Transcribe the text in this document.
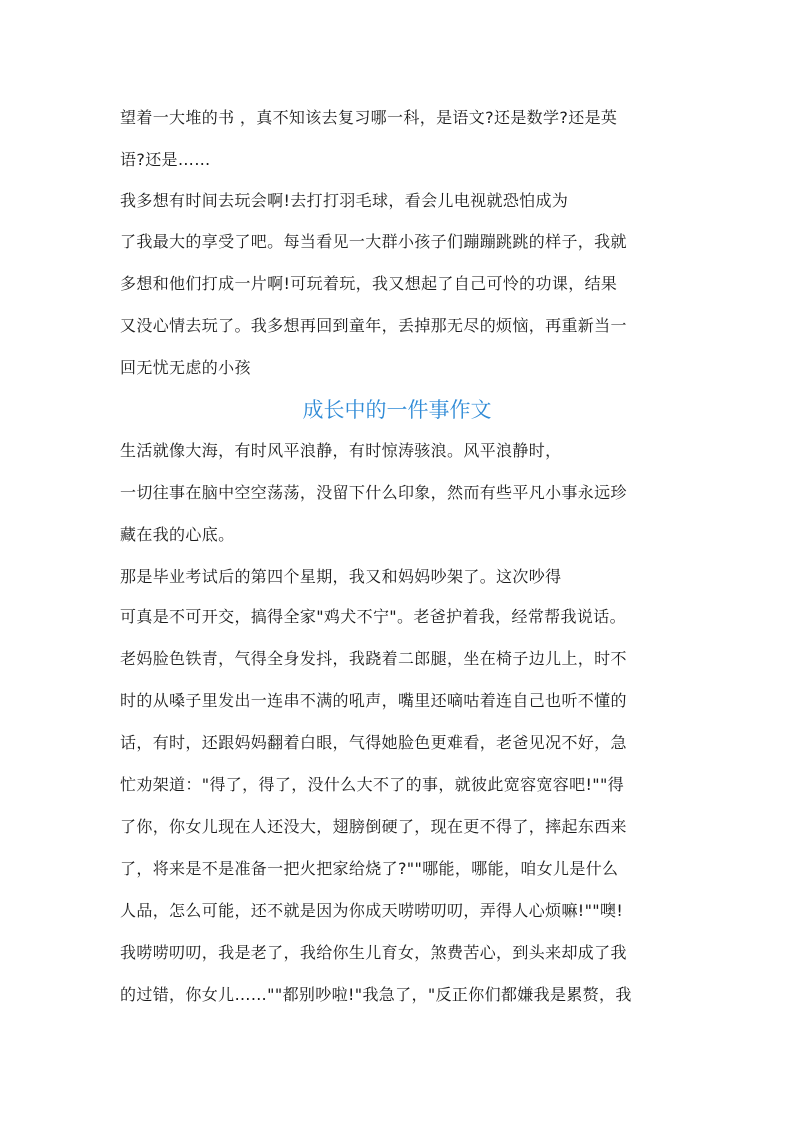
望着一大堆的书 ，真不知该去复习哪一科，是语文?还是数学?还是英
语?还是……
我多想有时间去玩会啊!去打打羽毛球，看会儿电视就恐怕成为
了我最大的享受了吧。每当看见一大群小孩子们蹦蹦跳跳的样子，我就
多想和他们打成一片啊!可玩着玩，我又想起了自己可怜的功课，结果
又没心情去玩了。我多想再回到童年，丢掉那无尽的烦恼，再重新当一
回无忧无虑的小孩
成长中的一件事作文
生活就像大海，有时风平浪静，有时惊涛骇浪。风平浪静时，
一切往事在脑中空空荡荡，没留下什么印象，然而有些平凡小事永远珍
藏在我的心底。
那是毕业考试后的第四个星期，我又和妈妈吵架了。这次吵得
可真是不可开交，搞得全家"鸡犬不宁"。老爸护着我，经常帮我说话。
老妈脸色铁青，气得全身发抖，我跷着二郎腿，坐在椅子边儿上，时不
时的从嗓子里发出一连串不满的吼声，嘴里还嘀咕着连自己也听不懂的
话，有时，还跟妈妈翻着白眼，气得她脸色更难看，老爸见况不好，急
忙劝架道："得了，得了，没什么大不了的事，就彼此宽容宽容吧!""得
了你，你女儿现在人还没大，翅膀倒硬了，现在更不得了，摔起东西来
了，将来是不是准备一把火把家给烧了?""哪能，哪能，咱女儿是什么
人品，怎么可能，还不就是因为你成天唠唠叨叨，弄得人心烦嘛!""噢!
我唠唠叨叨，我是老了，我给你生儿育女，煞费苦心，到头来却成了我
的过错，你女儿……""都别吵啦!"我急了，"反正你们都嫌我是累赘，我
